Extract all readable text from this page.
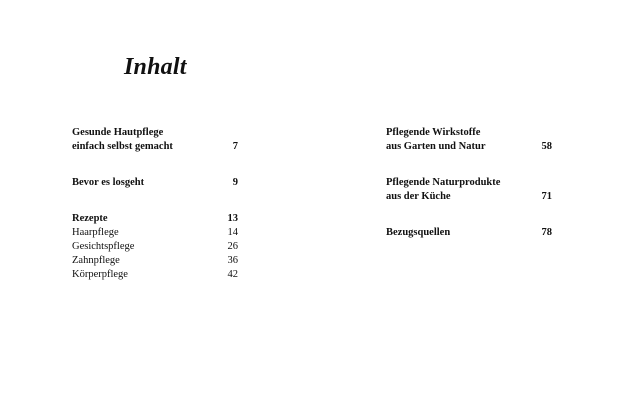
Inhalt
Gesunde Hautpflege
einfach selbst gemacht	7
Bevor es losgeht	9
Rezepte	13
Haarpflege	14
Gesichtspflege	26
Zahnpflege	36
Körperpflege	42
Pflegende Wirkstoffe
aus Garten und Natur	58
Pflegende Naturprodukte
aus der Küche	71
Bezugsquellen	78
